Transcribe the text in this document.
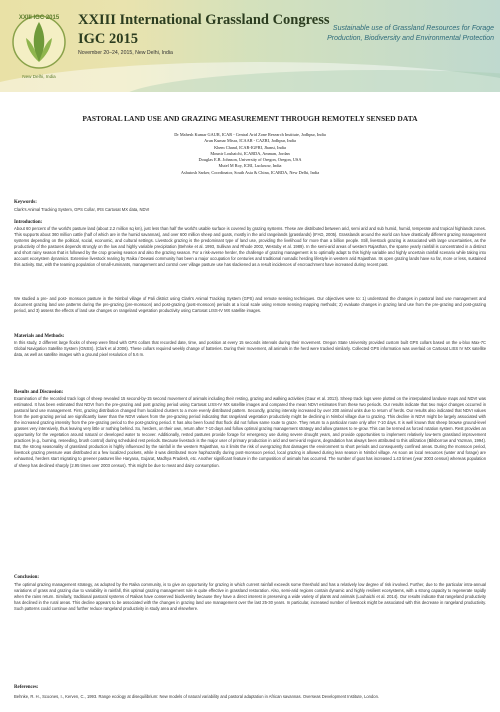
XXIII IGC 2015
New Delhi, India
XXIII International Grassland Congress
IGC 2015
November 20–24, 2015, New Delhi, India
Sustainable use of Grassland Resources for Forage
Production, Biodiversity and Environmental Protection
PASTORAL LAND USE AND GRAZING MEASUREMENT THROUGH REMOTELY SENSED DATA
Dr Mahesh Kumar GAUR, ICAR - Central Arid Zone Research Institute, Jodhpur, India
Arun Kumar Misra, ICAAR - CAZRI, Jodhpur, India
Khem Chand, ICAR-IGFRI, Jhansi, India
Mounir Louhaichi, ICARDA, Amman, Jordan
Douglas E.B. Johnson, University of Oregon, Oregon, USA
Mutel M Roy, ICRI, Lucknow, India
Ashutosh Sarker, Coordinator, South Asia & China, ICARDA, New Delhi, India
Keywords:
Clark's Animal Tracking System, GPS Collar, IRS Cartosat MX data, NDVI
Introduction:
About 60 percent of the world's pasture land (about 2.2 million sq km), just less than half the world's usable surface is covered by grazing systems. These are distributed between arid, semi arid and sub humid, humid, temperate and tropical highlands zones. This supports about 360 million cattle (half of which are in the humid savannas), and over 600 million sheep and goats, mostly in the arid rangelands (grasslands) (IFAD, 2005). Grasslands around the world can have drastically different grazing management systems depending on the political, social, economic, and cultural settings. Livestock grazing is the predominant type of land use, providing the livelihood for more than a billion people. Still, livestock grazing is associated with large uncertainties, as the productivity of the pastures depends strongly on the low and highly variable precipitation (Behnke et al. 1993, Sullivan and Rhode 2002, Westoby et al. 1989). In the semi-arid areas of western Rajasthan, the sparse yearly rainfall is concentrated in a distinct and short rainy season that is followed by the crop growing season and also the grazing season. For a risk-averse herder, the challenge of grazing management is to optimally adapt to this highly variable and highly uncertain rainfall scenario while taking into account ecosystem dynamics. Extensive livestock rearing by Raika / Dewasi community has been a major occupation for centuries and traditional nomadic herding lifestyle in western arid Rajasthan. Its open grazing lands have so far, more or less, sustained this activity. But, with the teaming population of small-ruminants, management and control over village pasture use has slackened as a result incidences of encroachment have increased during recent past.
We studied a pre- and post- monsoon pasture in the Nimbol village of Pali district using Clark's Animal Tracking System (GPS) and remote sensing techniques. Our objectives were to: 1) understand the changes in pastoral land use management and document grazing land use patterns during the pre-grazing (pre-monsoon) and post-grazing (post-monsoon) periods at a local scale using remote sensing mapping methods; 2) evaluate changes in grazing land use from the pre-grazing and post-grazing period, and 3) assess the effects of land use changes on rangeland vegetation productivity using Cartosat LISS-IV MX satellite images.
Materials and Methods:
In this study, 2 different large flocks of sheep were fitted with GPS collars that recorded date, time, and position at every 15 seconds intervals during their movement. Oregon State University provided custom built GPS collars based on the u-blox Max-7C Global Navigation Satellite System (GNSS). (Clark et al 2006). These collars required weekly change of batteries. During their movement, all animals in the herd were tracked similarly. Collected GPS information was overlaid on Cartosat LISS IV MX satellite data, as well as satellite images with a ground pixel resolution of 5.6 m.
Results and Discussion:
Examination of the recorded track logs of sheep revealed 15 second-by-15 second movement of animals including their resting, grazing and walking activities (Gaur et al. 2013). Sheep track logs were plotted on the interpolated landuse maps and NDVI was estimated. It has been estimated that NDVI from the pre-grazing and post grazing period using Cartosat LISS-IV MX satellite images and compared the mean NDVI estimates from these two periods. Our results indicate that two major changes occurred in pastoral land use management. First, grazing distribution changed from localized clusters to a more evenly distributed pattern. Secondly, grazing intensity increased by over 200 animal units due to return of herds. Our results also indicated that NDVI values from the post-grazing period are significantly lower than the NDVI values from the pre-grazing period indicating that rangeland vegetation productivity might be declining in Nimbol village due to grazing. This decline in NDVI might be largely associated with the increased grazing intensity from the pre-grazing period to the post-grazing period. It has also been found that flock did not follow same route to graze. They return to a particular route only after 7-10 days. It is well known that sheep browse ground-level grasses very intensively, thus leaving very little or nothing behind. So, herders, on their own, return after 7-10 days and follow optimal grazing management strategy and allow grasses to re-grow. This can be termed as forced rotation system. Rest provides an opportunity for the vegetation around natural or developed water to recover. Additionally, rested pastures provide forage for emergency use during severe drought years, and provide opportunities to implement relatively low-term grassland improvement practices (e.g., burning, reseeding, brush control) during scheduled rest periods. Because livestock is the major user of primary production in arid and semi-arid regions, degradation has always been attributed to this utilization (Bilsborrow and Yazman, 1994). But, the strong seasonality of grassland production is highly influenced by the rainfall in the western Rajasthan, so it limits the risk of overgrazing that damages the environment to short periods and consequently confined areas. During the monsoon period, livestock grazing pressure was distributed at a few localized pockets, while it was distributed more haphazardly during post-monsoon period, local grazing is allowed during lean season in Nimbol village. As soon as local resources (water and forage) are exhausted, herders start migrating to greener pastures like Haryana, Gujarat, Madhya Pradesh, etc. Another significant feature in the composition of animals has occurred. The number of goat has increased 1.43 times (year 2003 census) whereas population of sheep has declined sharply (2.95 times over 2003 census). This might be due to meat and dairy consumption.
Conclusion:
The optimal grazing management strategy, as adopted by the Raika community, is to give an opportunity for grazing in which current rainfall exceeds some threshold and has a relatively low degree of risk involved. Further, due to the particular intra-annual variations of grass and grazing due to variability in rainfall, this optimal grazing management rule is quite effective in grassland restoration. Also, semi-arid regions contain dynamic and highly resilient ecosystems, with a strong capacity to regenerate rapidly when the rains return. Similarly, traditional pastoral systems of Raikas have conserved biodiversity because they have a direct interest in preserving a wide variety of plants and animals (Louhaichi et al. 2014). Our results indicate that rangeland productivity has declined in the rural areas. This decline appears to be associated with the changes in grazing land use management over the last 25-30 years. In particular, increased number of livestock might be associated with this decrease in rangeland productivity. Such patterns could continue and further reduce rangeland productivity in study area and elsewhere.
References:
Behnke, R. H., Scoones, I., Kerven, C., 1993. Range ecology at disequilibrium: New models of natural variability and pastoral adaptation in African savannas. Overseas Development Institute, London.
